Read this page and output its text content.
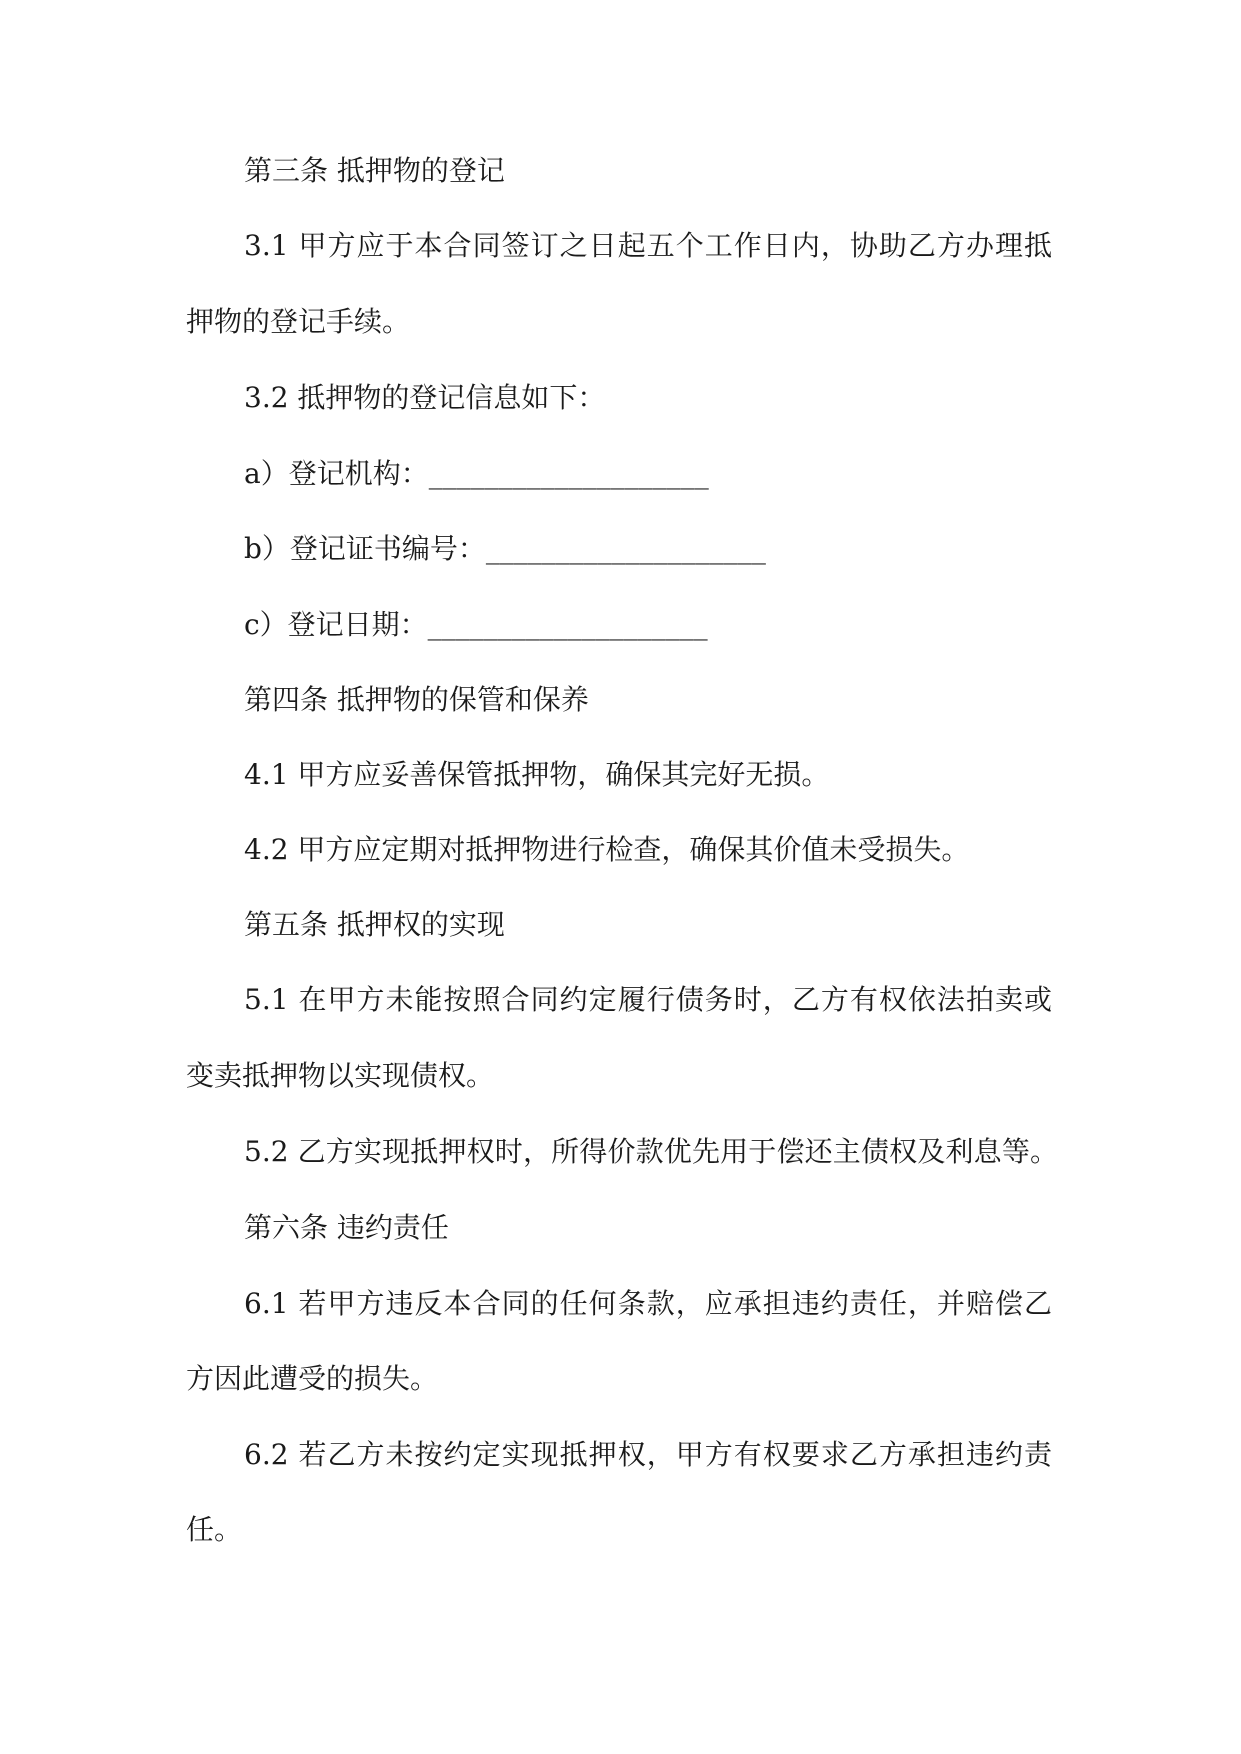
第三条 抵押物的登记
3.1 甲方应于本合同签订之日起五个工作日内，协助乙方办理抵
押物的登记手续。
3.2 抵押物的登记信息如下：
a）登记机构：____________________
b）登记证书编号：____________________
c）登记日期：____________________
第四条 抵押物的保管和保养
4.1 甲方应妥善保管抵押物，确保其完好无损。
4.2 甲方应定期对抵押物进行检查，确保其价值未受损失。
第五条 抵押权的实现
5.1 在甲方未能按照合同约定履行债务时，乙方有权依法拍卖或
变卖抵押物以实现债权。
5.2 乙方实现抵押权时，所得价款优先用于偿还主债权及利息等。
第六条 违约责任
6.1 若甲方违反本合同的任何条款，应承担违约责任，并赔偿乙
方因此遭受的损失。
6.2 若乙方未按约定实现抵押权，甲方有权要求乙方承担违约责
任。
